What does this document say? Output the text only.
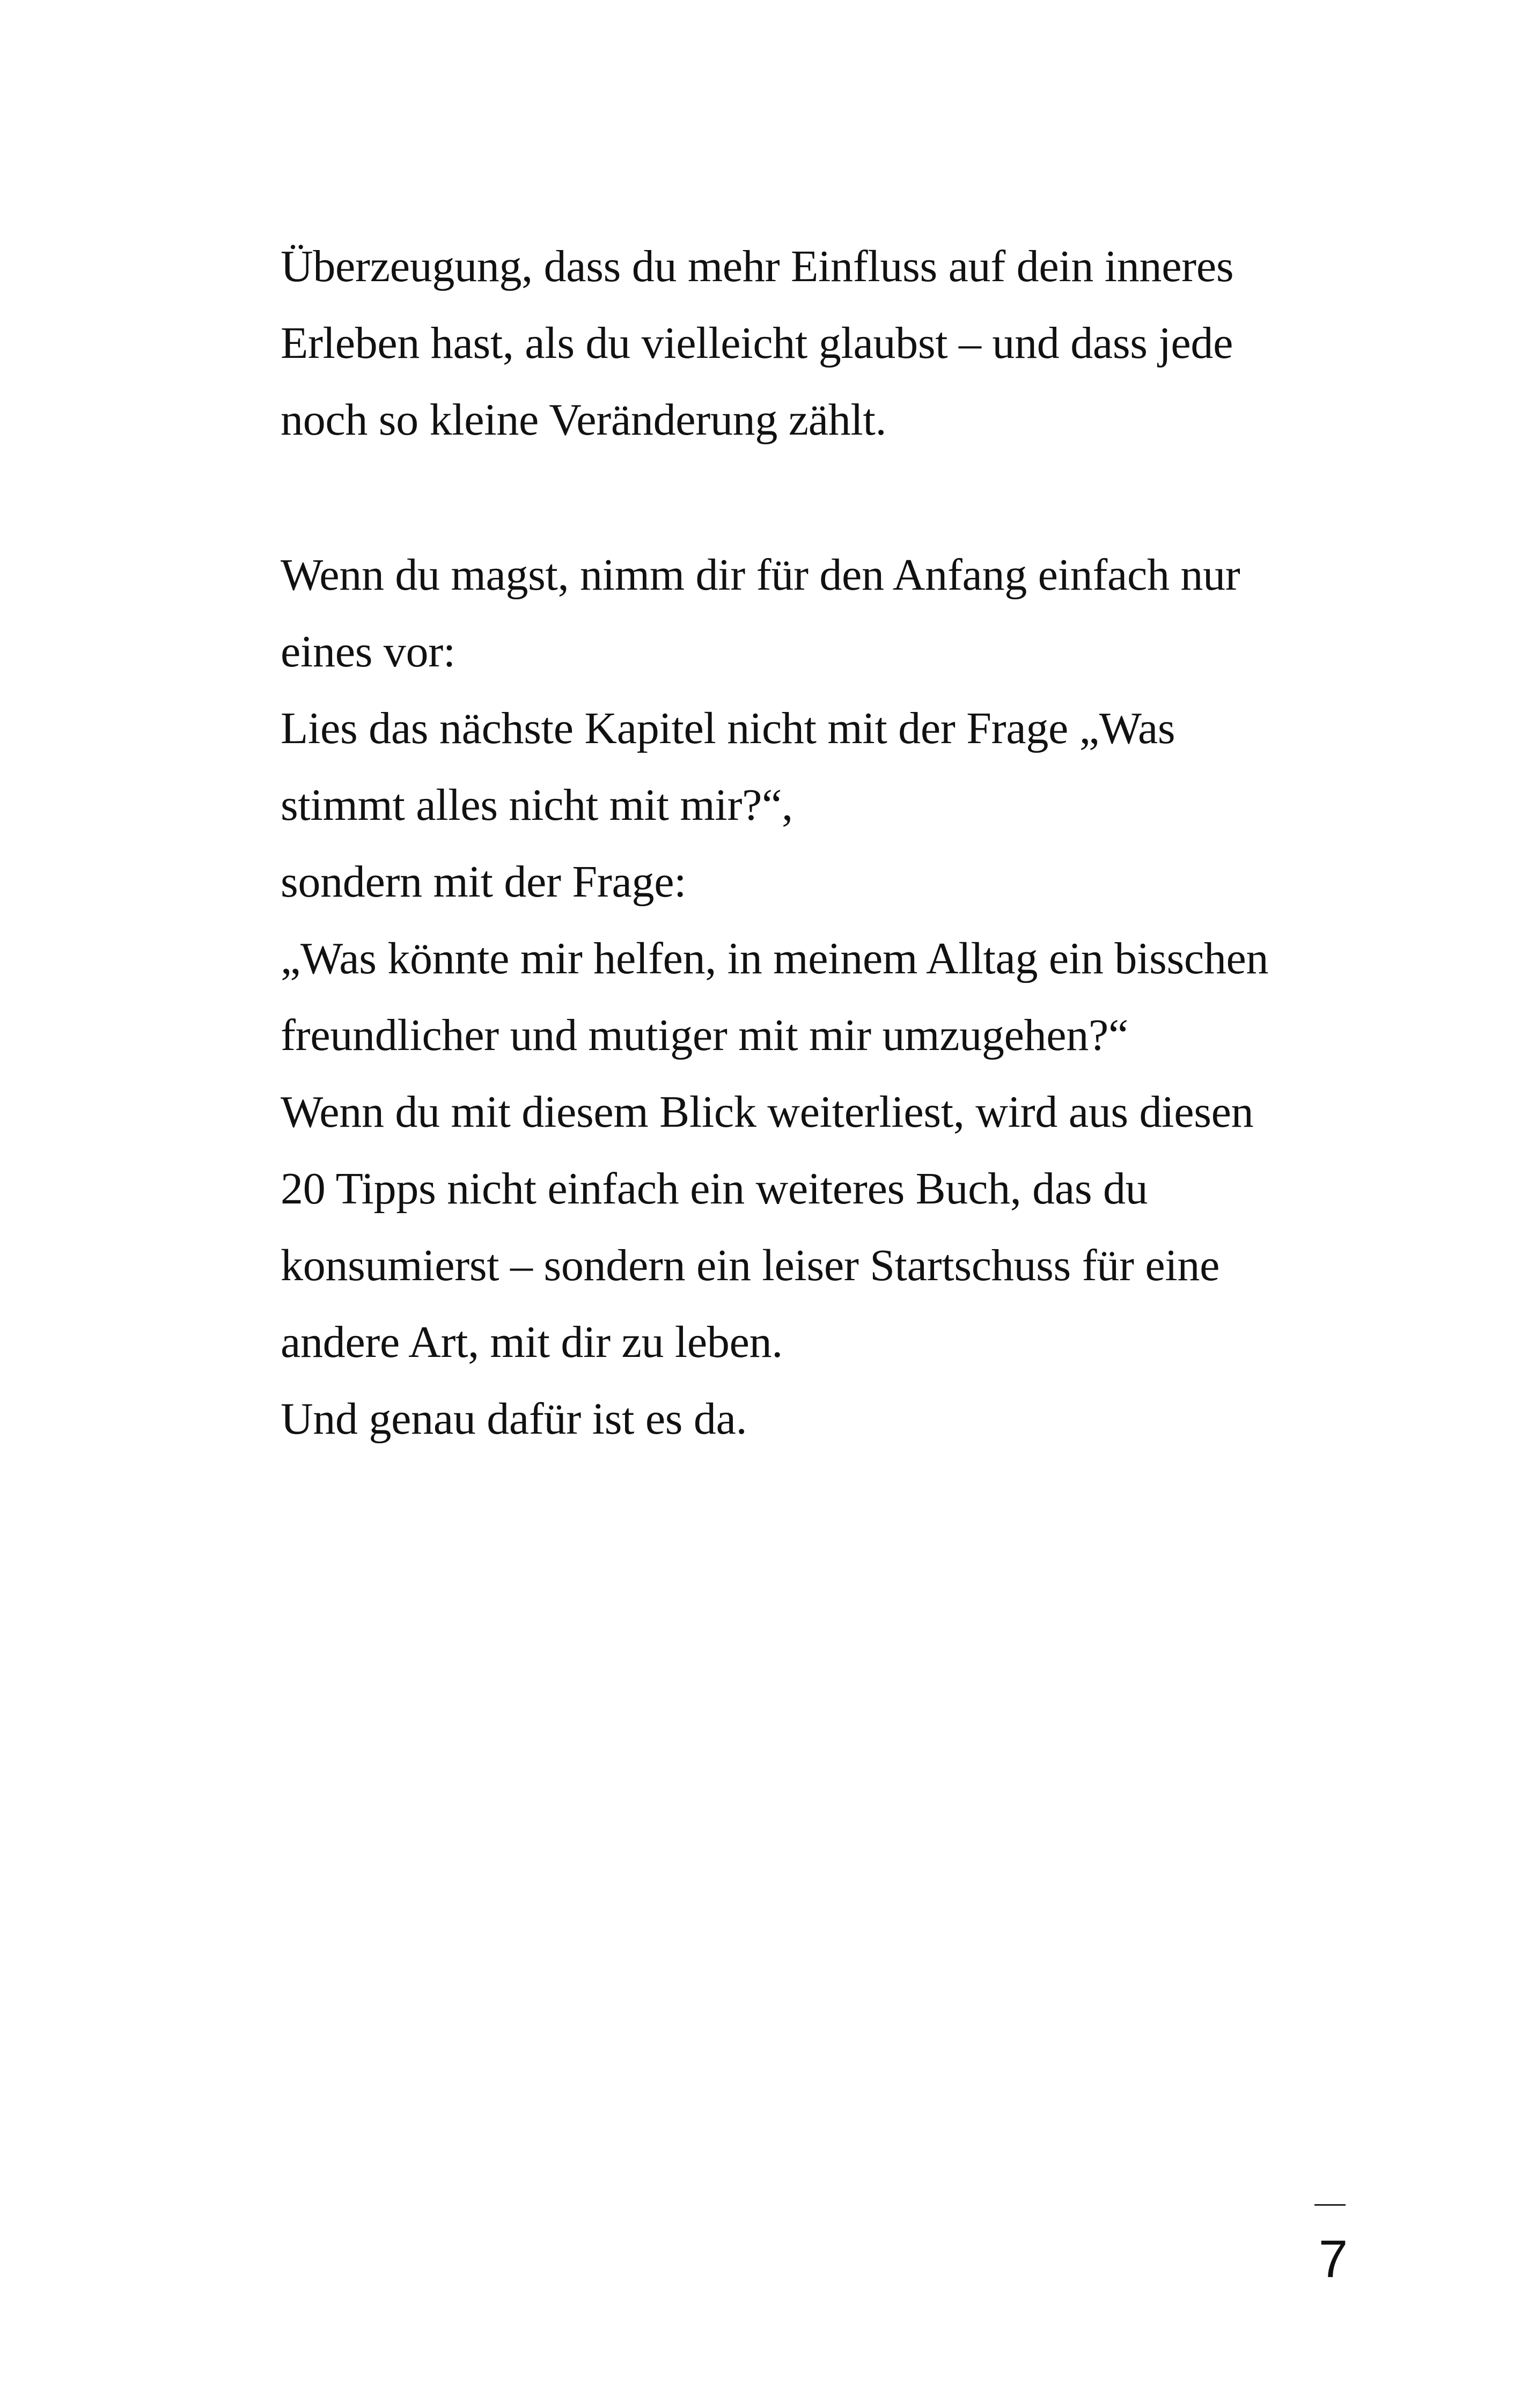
Überzeugung, dass du mehr Einfluss auf dein inneres
Erleben hast, als du vielleicht glaubst – und dass jede
noch so kleine Veränderung zählt.
Wenn du magst, nimm dir für den Anfang einfach nur
eines vor:
Lies das nächste Kapitel nicht mit der Frage „Was
stimmt alles nicht mit mir?“,
sondern mit der Frage:
„Was könnte mir helfen, in meinem Alltag ein bisschen
freundlicher und mutiger mit mir umzugehen?“
Wenn du mit diesem Blick weiterliest, wird aus diesen
20 Tipps nicht einfach ein weiteres Buch, das du
konsumierst – sondern ein leiser Startschuss für eine
andere Art, mit dir zu leben.
Und genau dafür ist es da.
7
